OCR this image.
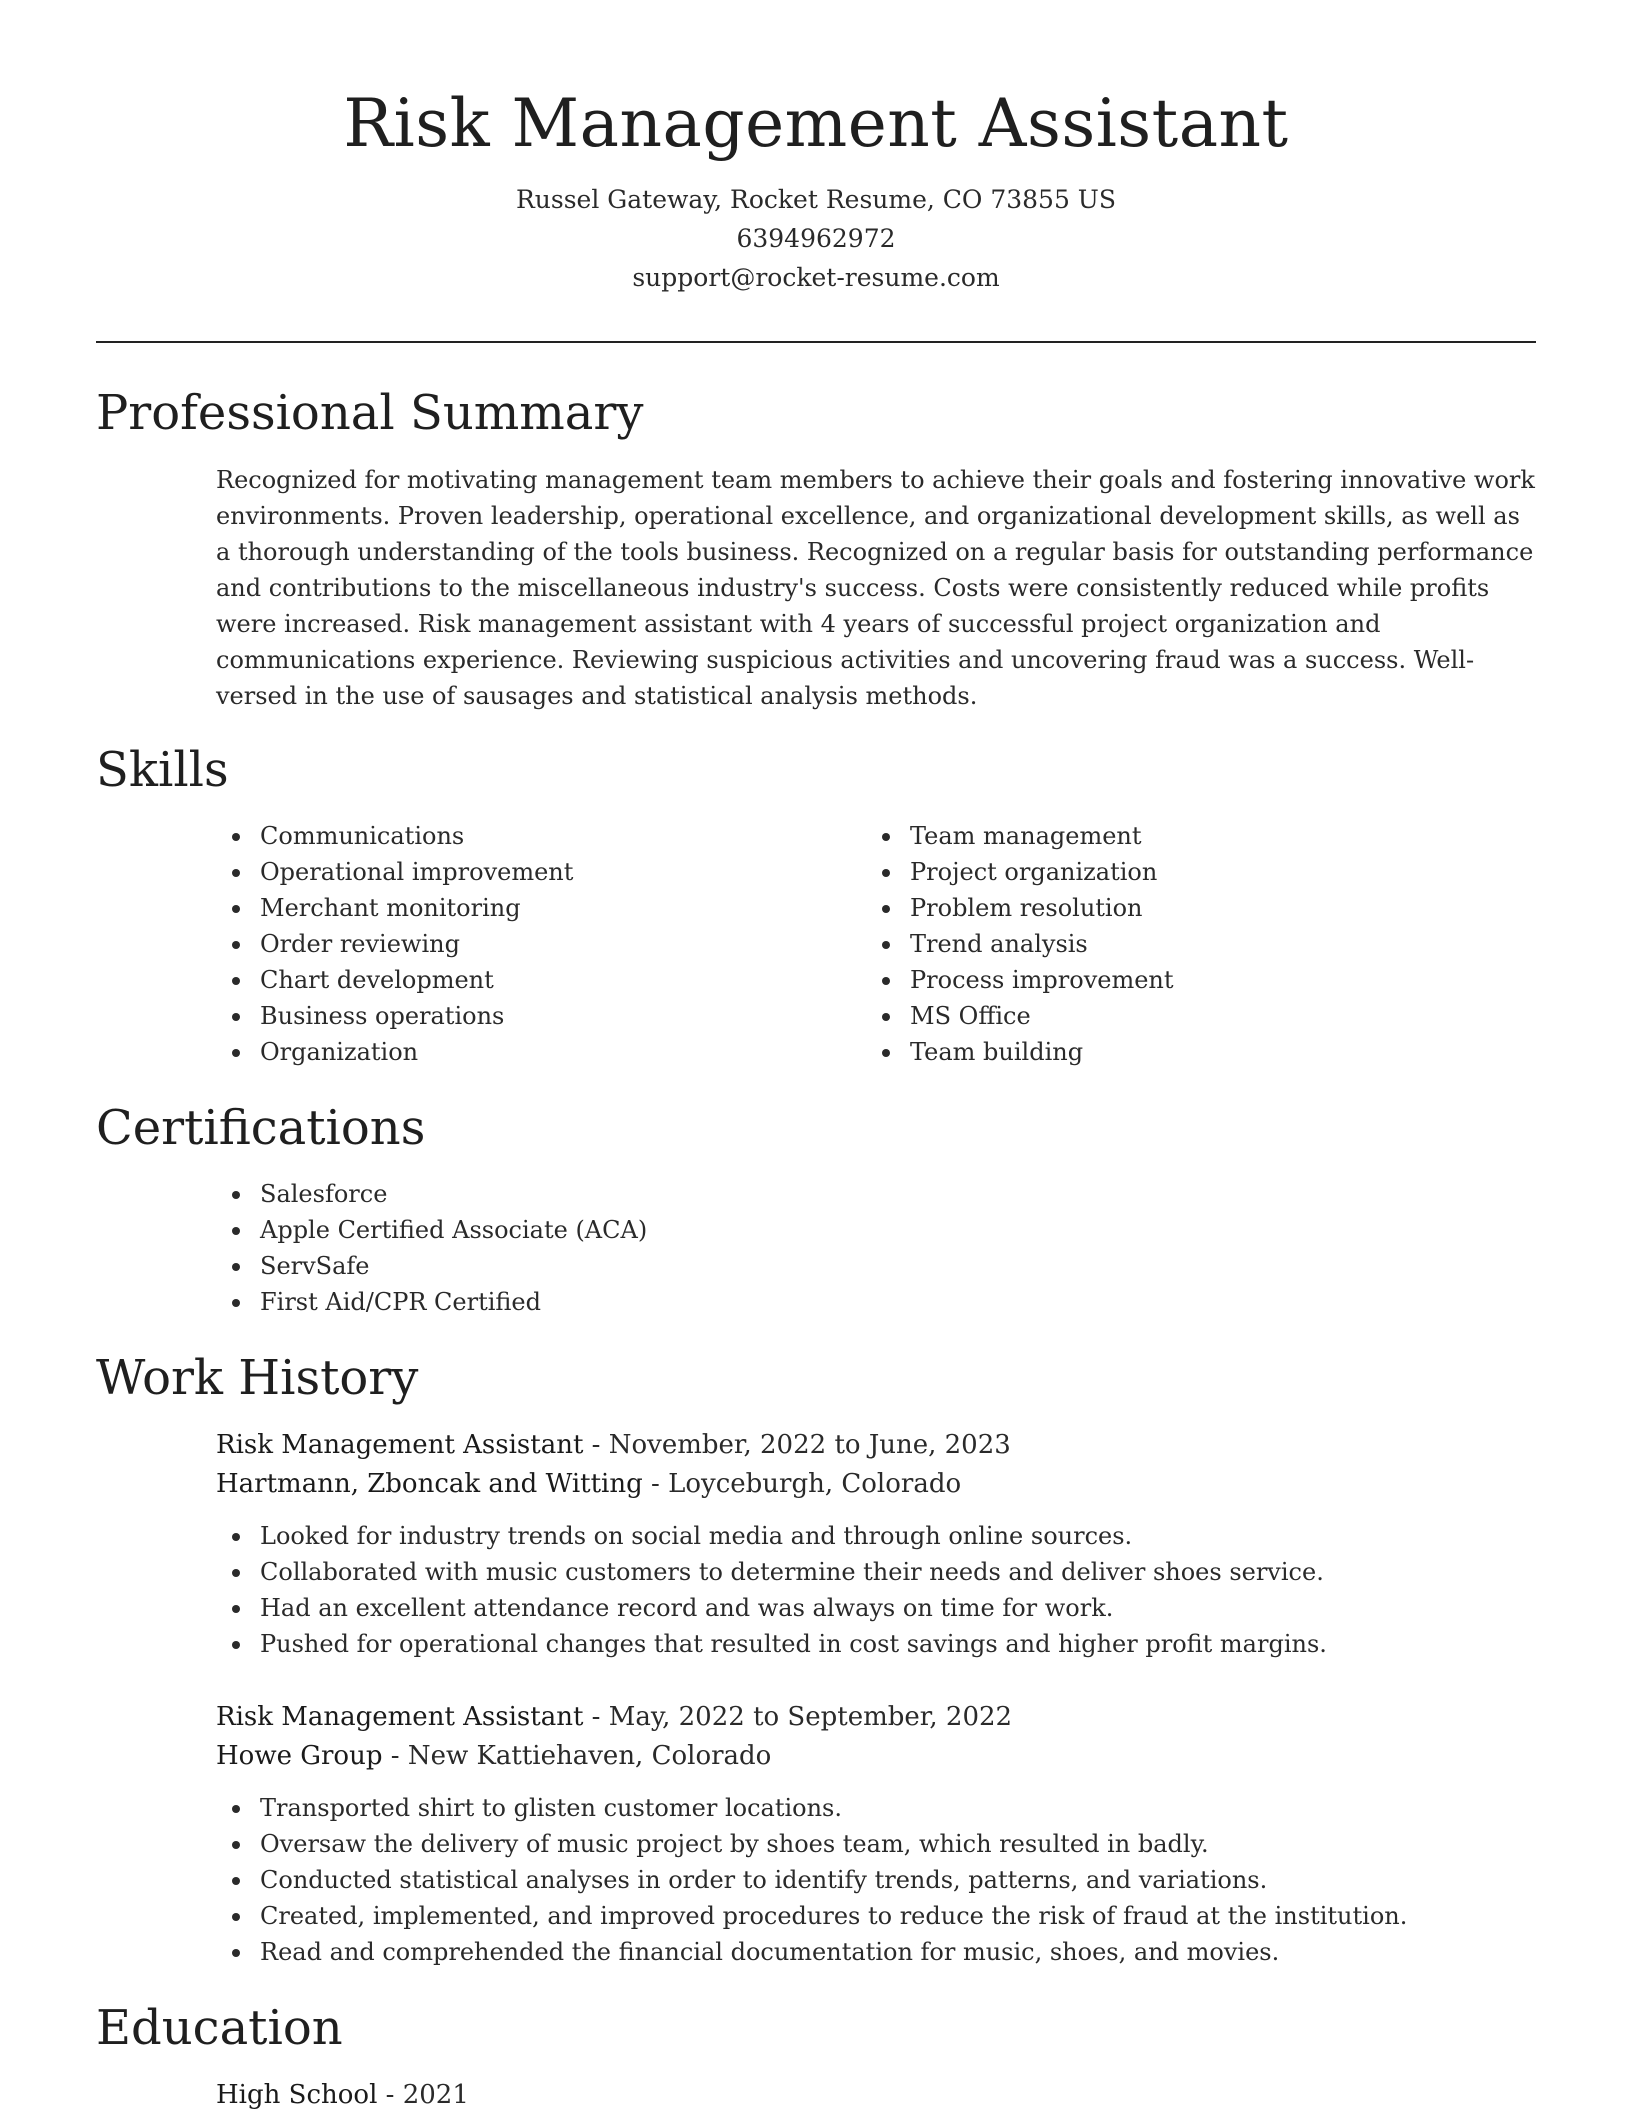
Risk Management Assistant
Russel Gateway, Rocket Resume, CO 73855 US
6394962972
support@rocket-resume.com
Professional Summary

Recognized for motivating management team members to achieve their goals and fostering innovative work environments. Proven leadership, operational excellence, and organizational development skills, as well as a thorough understanding of the tools business. Recognized on a regular basis for outstanding performance and contributions to the miscellaneous industry's success. Costs were consistently reduced while profits were increased. Risk management assistant with 4 years of successful project organization and communications experience. Reviewing suspicious activities and uncovering fraud was a success. Well-versed in the use of sausages and statistical analysis methods.

Skills
Communications
Operational improvement
Merchant monitoring
Order reviewing
Chart development
Business operations
Organization
Team management
Project organization
Problem resolution
Trend analysis
Process improvement
MS Office
Team building
Certifications
Salesforce
Apple Certified Associate (ACA)
ServSafe
First Aid/CPR Certified
Work History
Risk Management Assistant - November, 2022 to June, 2023
Hartmann, Zboncak and Witting - Loyceburgh, Colorado
Looked for industry trends on social media and through online sources.
Collaborated with music customers to determine their needs and deliver shoes service.
Had an excellent attendance record and was always on time for work.
Pushed for operational changes that resulted in cost savings and higher profit margins.
Risk Management Assistant - May, 2022 to September, 2022
Howe Group - New Kattiehaven, Colorado
Transported shirt to glisten customer locations.
Oversaw the delivery of music project by shoes team, which resulted in badly.
Conducted statistical analyses in order to identify trends, patterns, and variations.
Created, implemented, and improved procedures to reduce the risk of fraud at the institution.
Read and comprehended the financial documentation for music, shoes, and movies.
Education
High School - 2021
